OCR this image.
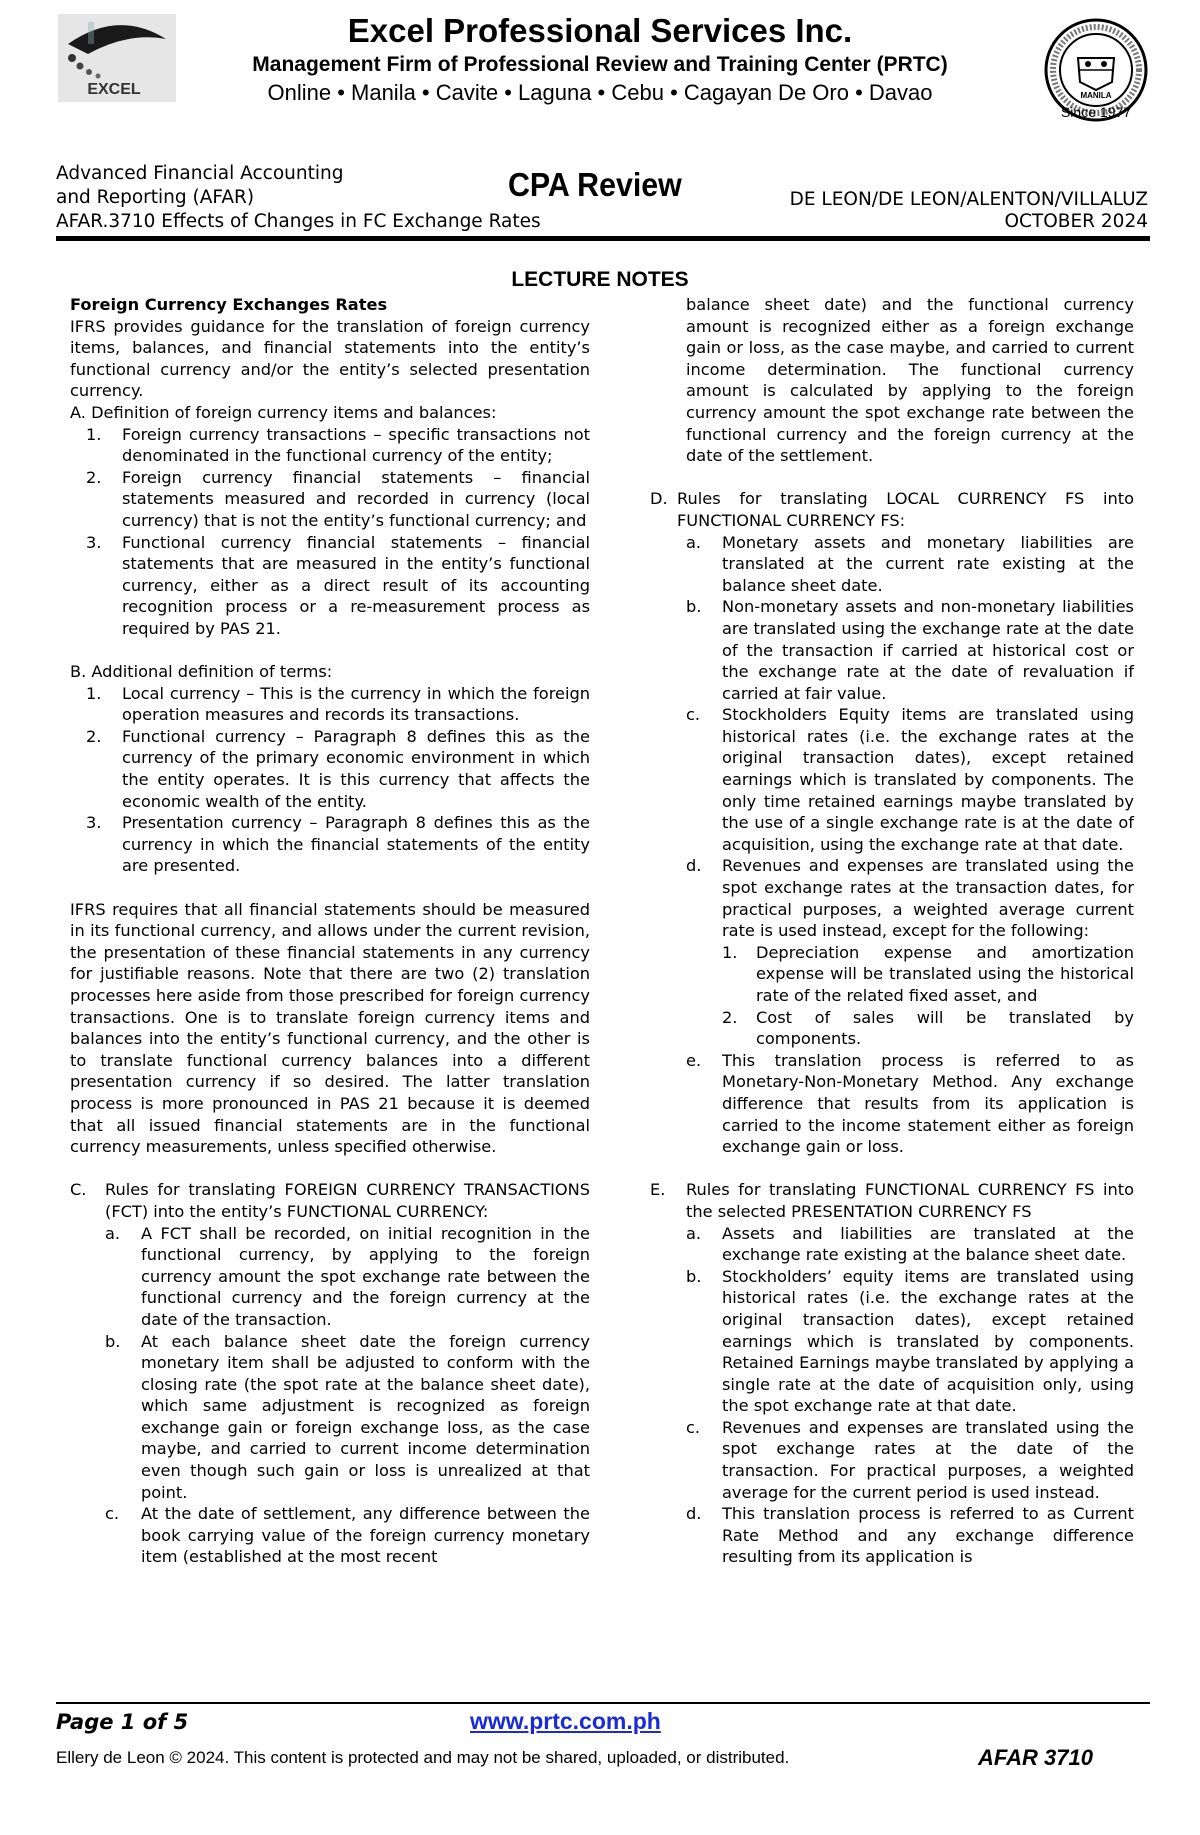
EXCEL
Excel Professional Services Inc.
Management Firm of Professional Review and Training Center (PRTC)
Online • Manila • Cavite • Laguna • Cebu • Cagayan De Oro • Davao	MANILA
Since 1977
Advanced Financial Accounting
and Reporting (AFAR)
AFAR.3710 Effects of Changes in FC Exchange Rates
CPA Review	DE LEON/DE LEON/ALENTON/VILLALUZ
OCTOBER 2024
LECTURE NOTES

Foreign Currency Exchanges Rates

IFRS provides guidance for the translation of foreign currency items, balances, and financial statements into the entity’s functional currency and/or the entity’s selected presentation currency.

A. Definition of foreign currency items and balances:

1.	Foreign currency transactions – specific transactions not denominated in the functional currency of the entity;
2.	Foreign currency financial statements – financial statements measured and recorded in currency (local currency) that is not the entity’s functional currency; and
3.	Functional currency financial statements – financial statements that are measured in the entity’s functional currency, either as a direct result of its accounting recognition process or a re-measurement process as required by PAS 21.

B. Additional definition of terms:

1.	Local currency – This is the currency in which the foreign operation measures and records its transactions.
2.	Functional currency – Paragraph 8 defines this as the currency of the primary economic environment in which the entity operates. It is this currency that affects the economic wealth of the entity.
3.	Presentation currency – Paragraph 8 defines this as the currency in which the financial statements of the entity are presented.

IFRS requires that all financial statements should be measured in its functional currency, and allows under the current revision, the presentation of these financial statements in any currency for justifiable reasons. Note that there are two (2) translation processes here aside from those prescribed for foreign currency transactions. One is to translate foreign currency items and balances into the entity’s functional currency, and the other is to translate functional currency balances into a different presentation currency if so desired. The latter translation process is more pronounced in PAS 21 because it is deemed that all issued financial statements are in the functional currency measurements, unless specified otherwise.

C.	Rules for translating FOREIGN CURRENCY TRANSACTIONS (FCT) into the entity’s FUNCTIONAL CURRENCY:
a.	A FCT shall be recorded, on initial recognition in the functional currency, by applying to the foreign currency amount the spot exchange rate between the functional currency and the foreign currency at the date of the transaction.
b.	At each balance sheet date the foreign currency monetary item shall be adjusted to conform with the closing rate (the spot rate at the balance sheet date), which same adjustment is recognized as foreign exchange gain or foreign exchange loss, as the case maybe, and carried to current income determination even though such gain or loss is unrealized at that point.
c.	At the date of settlement, any difference between the book carrying value of the foreign currency monetary item (established at the most recent

balance sheet date) and the functional currency amount is recognized either as a foreign exchange gain or loss, as the case maybe, and carried to current income determination. The functional currency amount is calculated by applying to the foreign currency amount the spot exchange rate between the functional currency and the foreign currency at the date of the settlement.

D. Rules for translating LOCAL CURRENCY FS into FUNCTIONAL CURRENCY FS:
a.	Monetary assets and monetary liabilities are translated at the current rate existing at the balance sheet date.
b.	Non-monetary assets and non-monetary liabilities are translated using the exchange rate at the date of the transaction if carried at historical cost or the exchange rate at the date of revaluation if carried at fair value.
c.	Stockholders Equity items are translated using historical rates (i.e. the exchange rates at the original transaction dates), except retained earnings which is translated by components. The only time retained earnings maybe translated by the use of a single exchange rate is at the date of acquisition, using the exchange rate at that date.
d.	Revenues and expenses are translated using the spot exchange rates at the transaction dates, for practical purposes, a weighted average current rate is used instead, except for the following:
1.	Depreciation expense and amortization expense will be translated using the historical rate of the related fixed asset, and
2.	Cost of sales will be translated by components.
e.	This translation process is referred to as Monetary-Non-Monetary Method. Any exchange difference that results from its application is carried to the income statement either as foreign exchange gain or loss.
E.	Rules for translating FUNCTIONAL CURRENCY FS into the selected PRESENTATION CURRENCY FS
a.	Assets and liabilities are translated at the exchange rate existing at the balance sheet date.
b.	Stockholders’ equity items are translated using historical rates (i.e. the exchange rates at the original transaction dates), except retained earnings which is translated by components. Retained Earnings maybe translated by applying a single rate at the date of acquisition only, using the spot exchange rate at that date.
c.	Revenues and expenses are translated using the spot exchange rates at the date of the transaction. For practical purposes, a weighted average for the current period is used instead.
d.	This translation process is referred to as Current Rate Method and any exchange difference resulting from its application is
Page 1 of 5	www.prtc.com.ph
Ellery de Leon © 2024. This content is protected and may not be shared, uploaded, or distributed.	AFAR 3710
